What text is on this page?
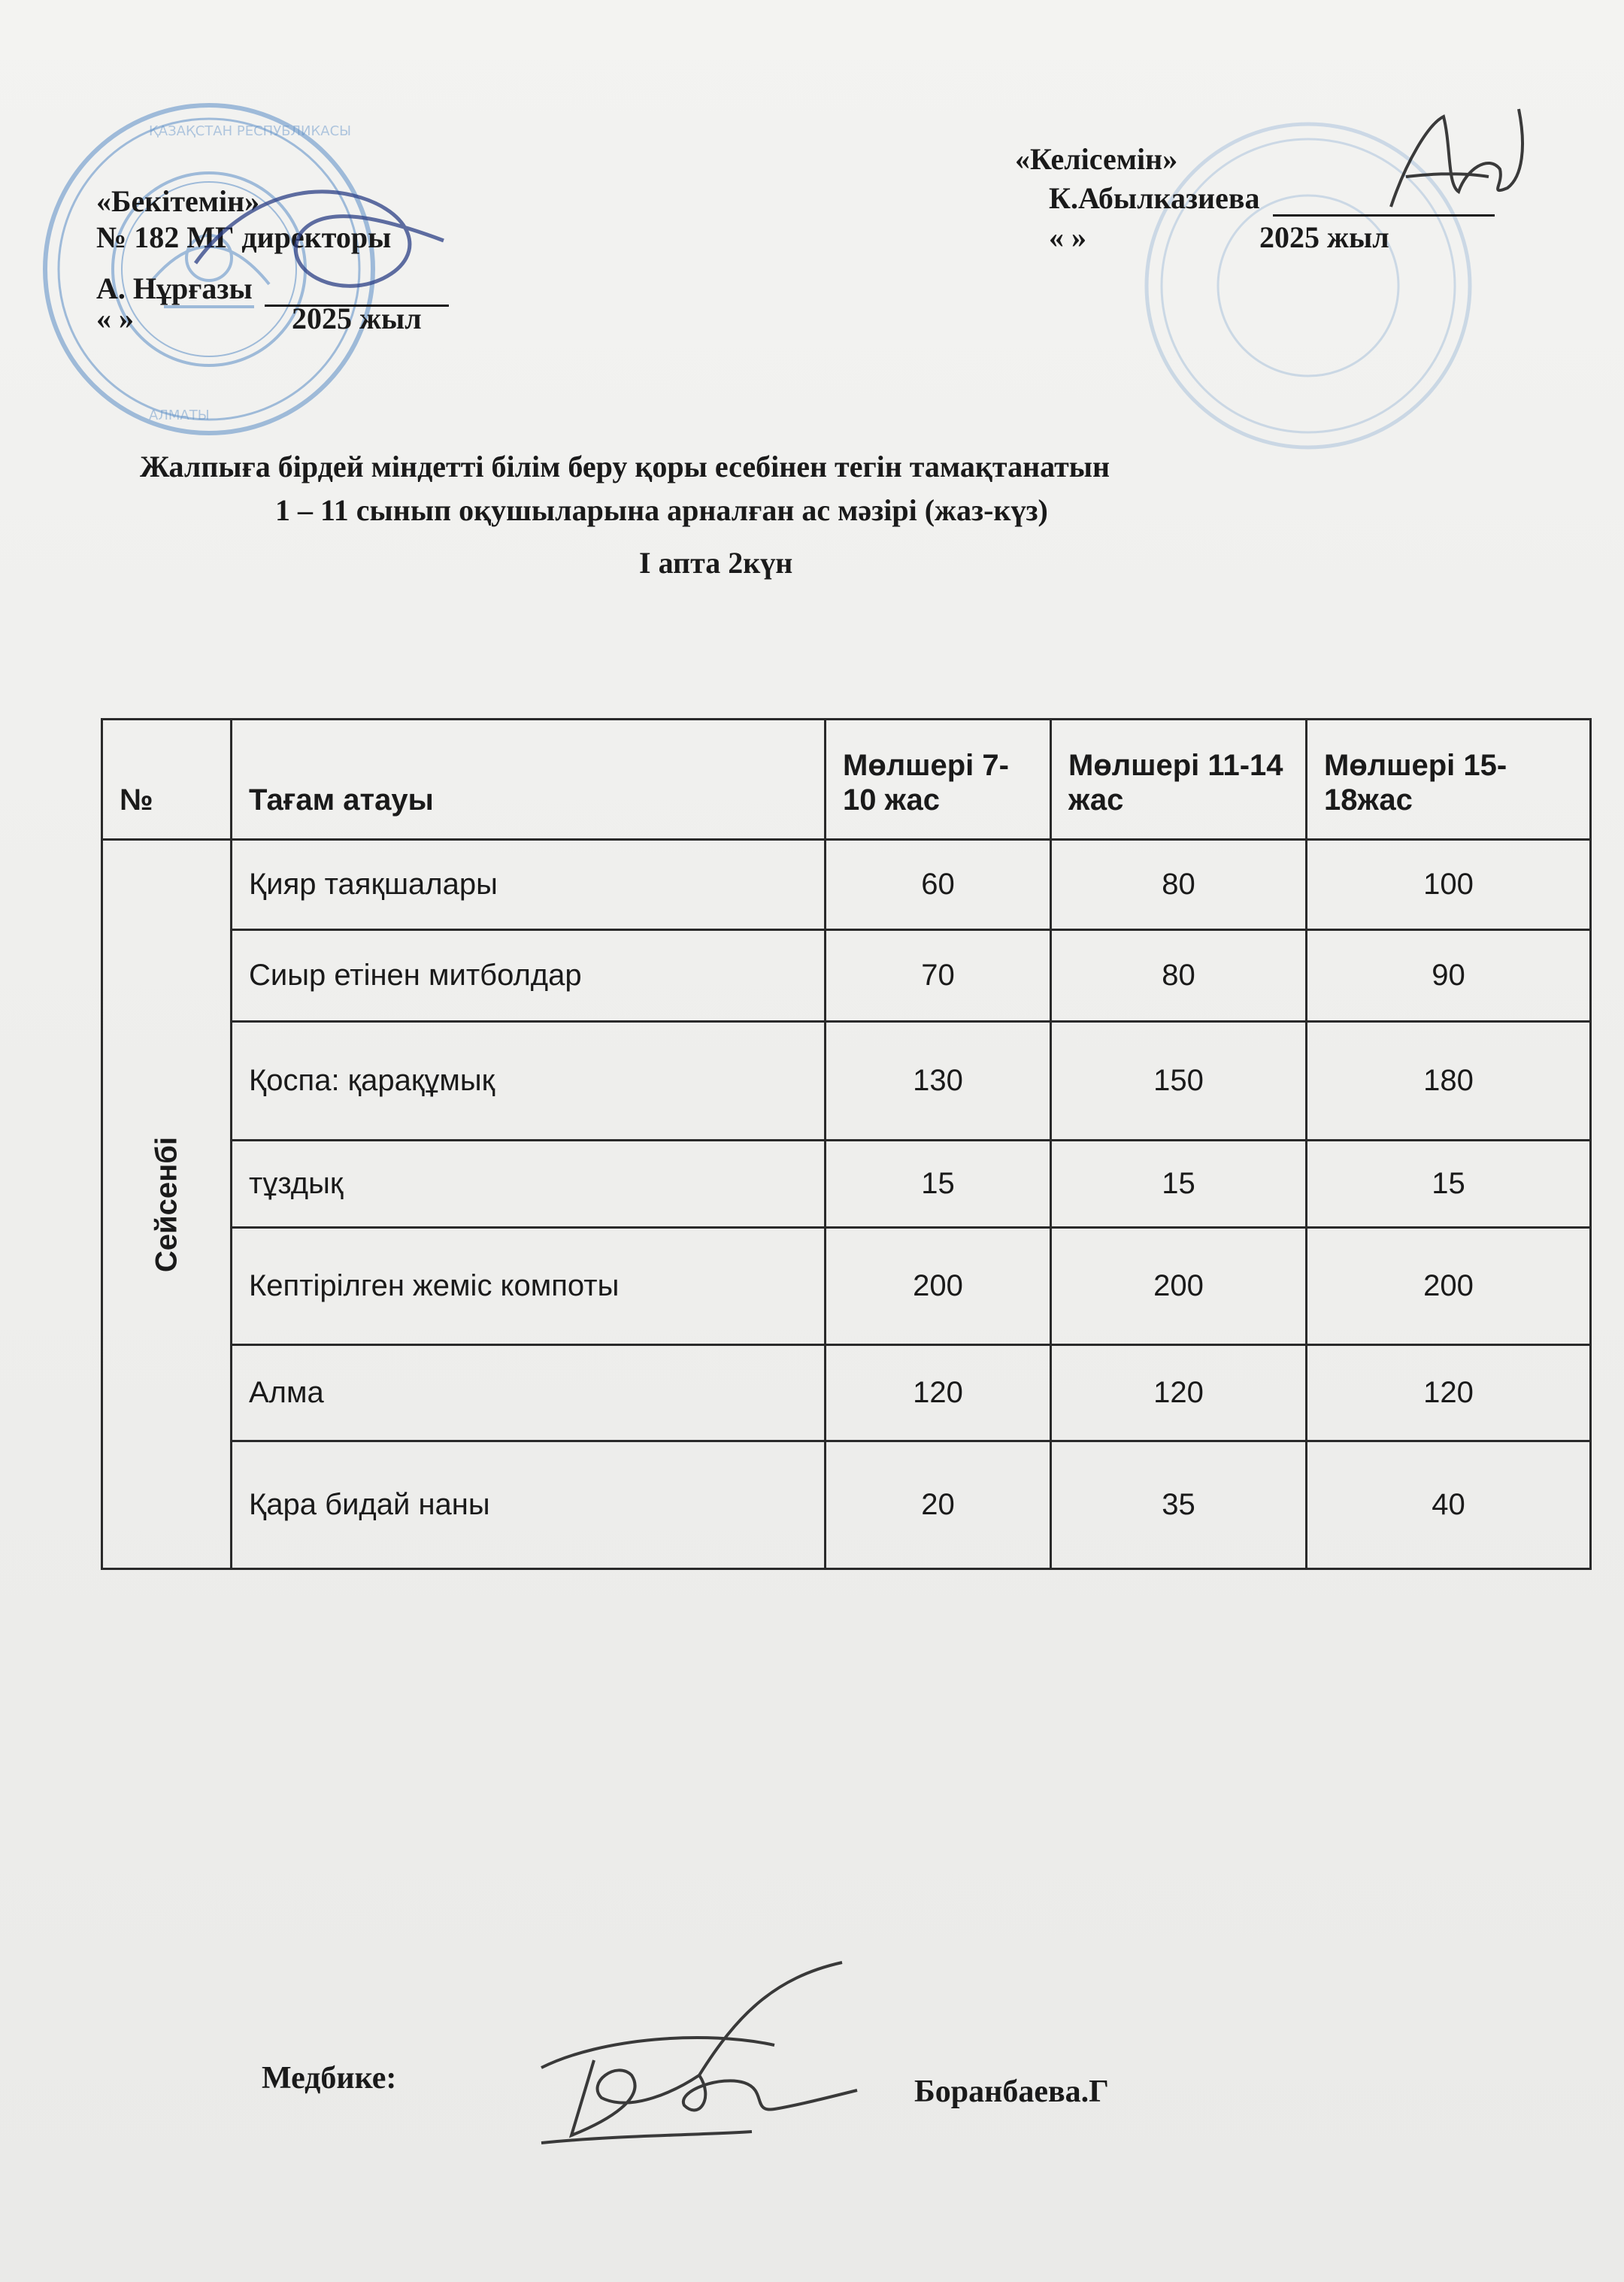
ҚАЗАҚСТАН РЕСПУБЛИКАСЫ
АЛМАТЫ
«Бекітемін»
№ 182 МГ директоры
А. Нұрғазы
« »	2025 жыл
«Келісемін»
К.Абылказиева
« »	2025 жыл
Жалпыға бірдей міндетті білім беру қоры есебінен тегін тамақтанатын
1 – 11 сынып оқушыларына арналған ас мәзірі (жаз-күз)
І апта 2күн
№	Тағам атауы	Мөлшері 7-10 жас	Мөлшері 11-14 жас	Мөлшері 15-18жас

Сейсенбі	Қияр таяқшалары	60	80	100
	Сиыр етінен митболдар	70	80	90
	Қоспа: қарақұмық	130	150	180
	тұздық	15	15	15
	Кептірілген жеміс компоты	200	200	200
	Алма	120	120	120
	Қара бидай наны	20	35	40
Медбике:	Боранбаева.Г
